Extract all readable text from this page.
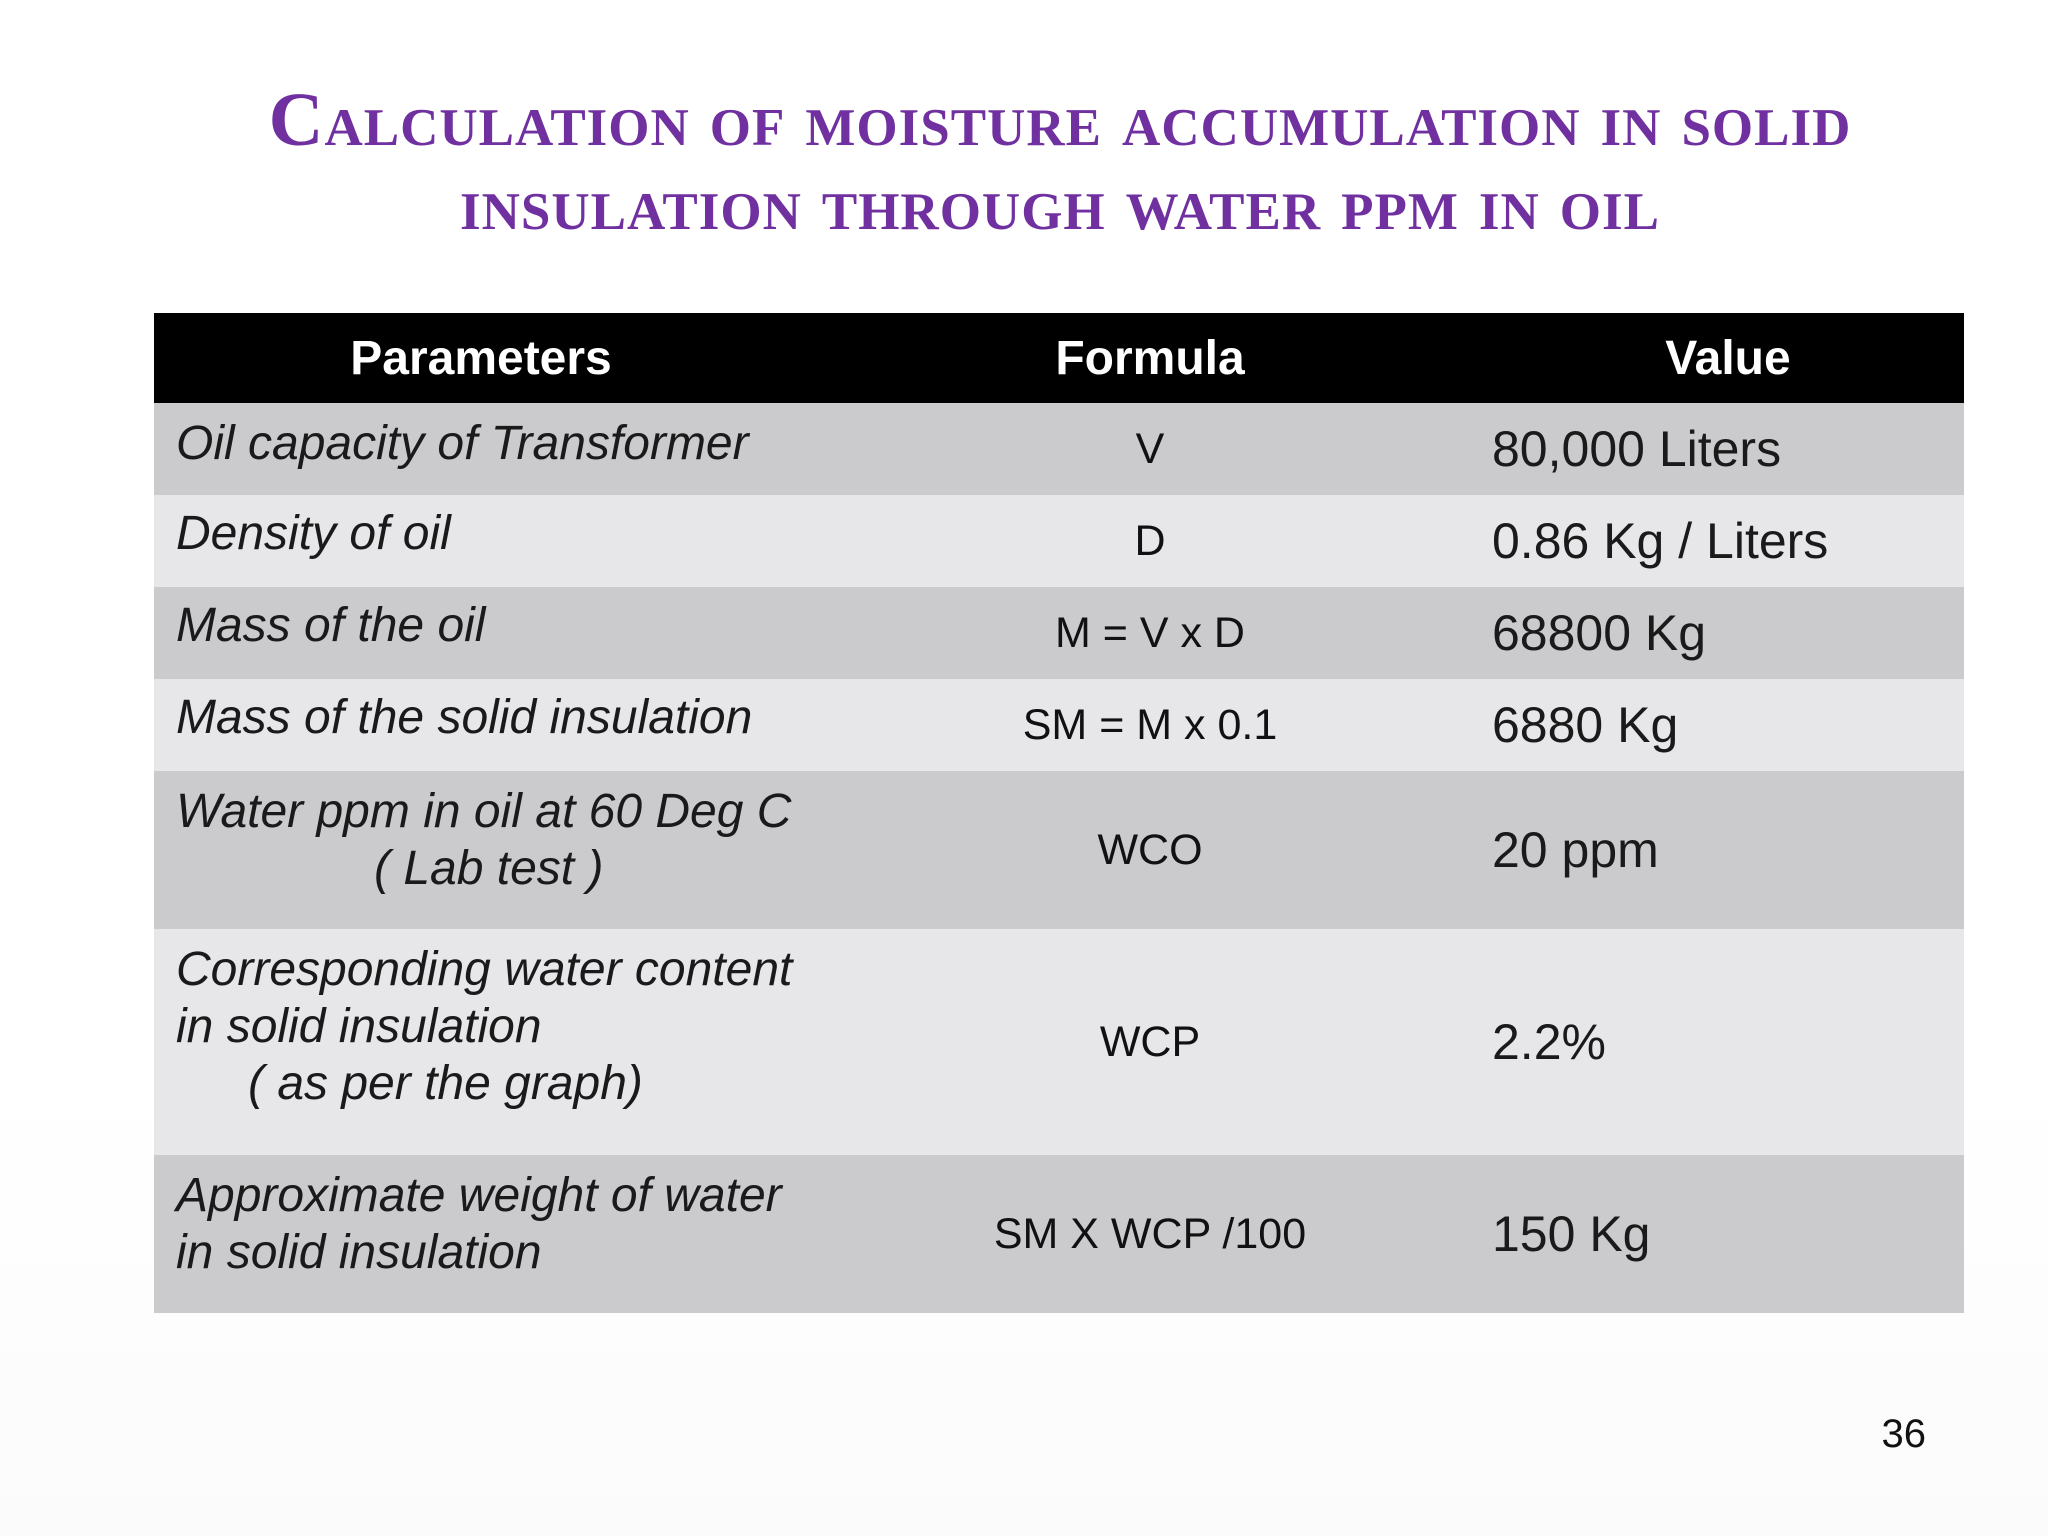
Calculation of moisture accumulation in solid
insulation through water ppm in oil
Parameters	Formula	Value

Oil capacity of Transformer	V	80,000 Liters

Density of oil	D	0.86 Kg / Liters

Mass of the oil	M = V x D	68800 Kg

Mass of the solid insulation	SM = M x 0.1	6880 Kg

Water ppm in oil at 60 Deg C
( Lab test )	WCO	20 ppm

Corresponding water content
in solid insulation
( as per the graph)	WCP	2.2%

Approximate weight of water
in solid insulation	SM X WCP /100	150 Kg
36
